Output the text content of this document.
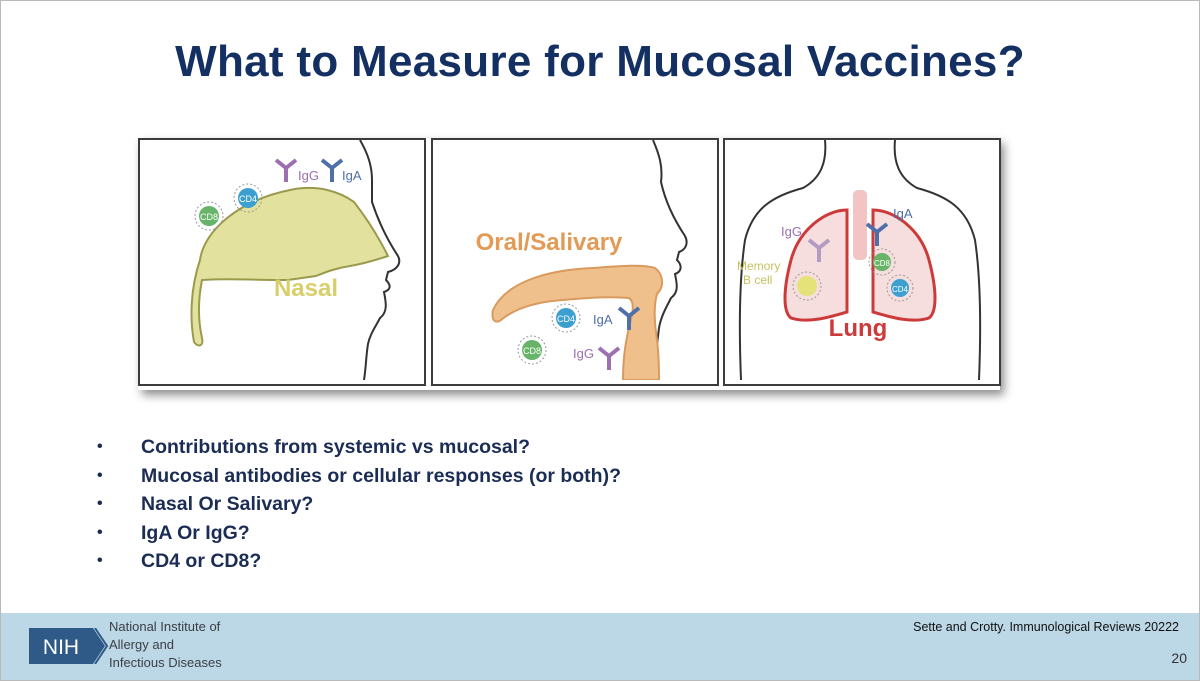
What to Measure for Mucosal Vaccines?
CD8
CD4
IgG IgA
Nasal
Oral/Salivary
CD4
CD8
IgA
IgG
Memory
B cell
IgG
IgA
CD8
CD4
Lung
• Contributions from systemic vs mucosal?
• Mucosal antibodies or cellular responses (or both)?
• Nasal Or Salivary?
• IgA Or IgG?
• CD4 or CD8?
NIH
National Institute of
Allergy and
Infectious Diseases
Sette and Crotty. Immunological Reviews 20222
20
